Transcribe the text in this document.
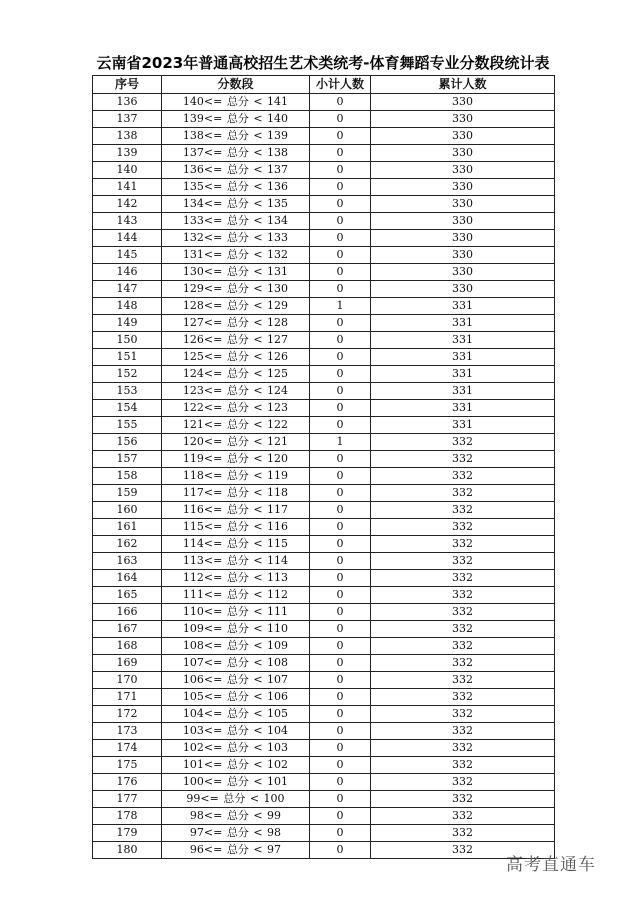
云南省2023年普通高校招生艺术类统考-体育舞蹈专业分数段统计表
序号	分数段	小计人数	累计人数
136	140<= 总分 < 141	0	330
137	139<= 总分 < 140	0	330
138	138<= 总分 < 139	0	330
139	137<= 总分 < 138	0	330
140	136<= 总分 < 137	0	330
141	135<= 总分 < 136	0	330
142	134<= 总分 < 135	0	330
143	133<= 总分 < 134	0	330
144	132<= 总分 < 133	0	330
145	131<= 总分 < 132	0	330
146	130<= 总分 < 131	0	330
147	129<= 总分 < 130	0	330
148	128<= 总分 < 129	1	331
149	127<= 总分 < 128	0	331
150	126<= 总分 < 127	0	331
151	125<= 总分 < 126	0	331
152	124<= 总分 < 125	0	331
153	123<= 总分 < 124	0	331
154	122<= 总分 < 123	0	331
155	121<= 总分 < 122	0	331
156	120<= 总分 < 121	1	332
157	119<= 总分 < 120	0	332
158	118<= 总分 < 119	0	332
159	117<= 总分 < 118	0	332
160	116<= 总分 < 117	0	332
161	115<= 总分 < 116	0	332
162	114<= 总分 < 115	0	332
163	113<= 总分 < 114	0	332
164	112<= 总分 < 113	0	332
165	111<= 总分 < 112	0	332
166	110<= 总分 < 111	0	332
167	109<= 总分 < 110	0	332
168	108<= 总分 < 109	0	332
169	107<= 总分 < 108	0	332
170	106<= 总分 < 107	0	332
171	105<= 总分 < 106	0	332
172	104<= 总分 < 105	0	332
173	103<= 总分 < 104	0	332
174	102<= 总分 < 103	0	332
175	101<= 总分 < 102	0	332
176	100<= 总分 < 101	0	332
177	99<= 总分 < 100	0	332
178	98<= 总分 < 99	0	332
179	97<= 总分 < 98	0	332
180	96<= 总分 < 97	0	332
高考直通车
